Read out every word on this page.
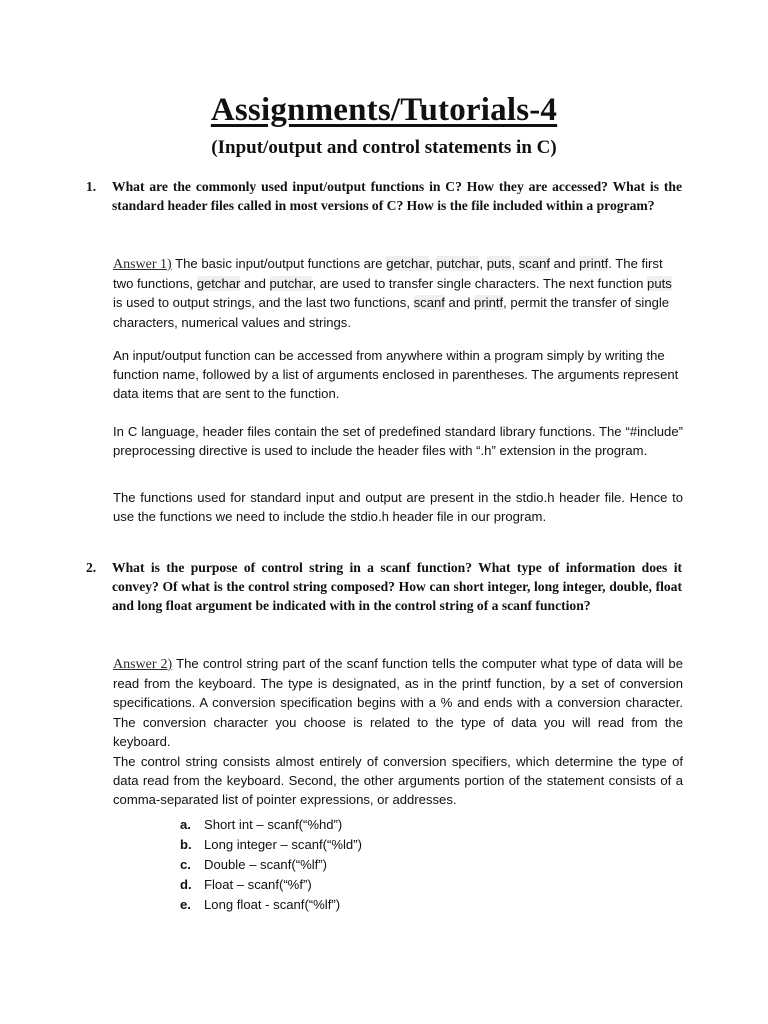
Assignments/Tutorials-4
(Input/output and control statements in C)
1. What are the commonly used input/output functions in C? How they are accessed? What is the standard header files called in most versions of C? How is the file included within a program?
Answer 1) The basic input/output functions are getchar, putchar, puts, scanf and printf. The first two functions, getchar and putchar, are used to transfer single characters. The next function puts is used to output strings, and the last two functions, scanf and printf, permit the transfer of single characters, numerical values and strings.
An input/output function can be accessed from anywhere within a program simply by writing the function name, followed by a list of arguments enclosed in parentheses. The arguments represent data items that are sent to the function.
In C language, header files contain the set of predefined standard library functions. The “#include” preprocessing directive is used to include the header files with “.h” extension in the program.
The functions used for standard input and output are present in the stdio.h header file. Hence to use the functions we need to include the stdio.h header file in our program.
2. What is the purpose of control string in a scanf function? What type of information does it convey? Of what is the control string composed? How can short integer, long integer, double, float and long float argument be indicated with in the control string of a scanf function?
Answer 2) The control string part of the scanf function tells the computer what type of data will be read from the keyboard. The type is designated, as in the printf function, by a set of conversion specifications. A conversion specification begins with a % and ends with a conversion character. The conversion character you choose is related to the type of data you will read from the keyboard.
The control string consists almost entirely of conversion specifiers, which determine the type of data read from the keyboard. Second, the other arguments portion of the statement consists of a comma-separated list of pointer expressions, or addresses.
a. Short int – scanf(“%hd”)
b. Long integer – scanf(“%ld”)
c. Double – scanf(“%lf”)
d. Float – scanf(“%f”)
e. Long float - scanf(“%lf”)
